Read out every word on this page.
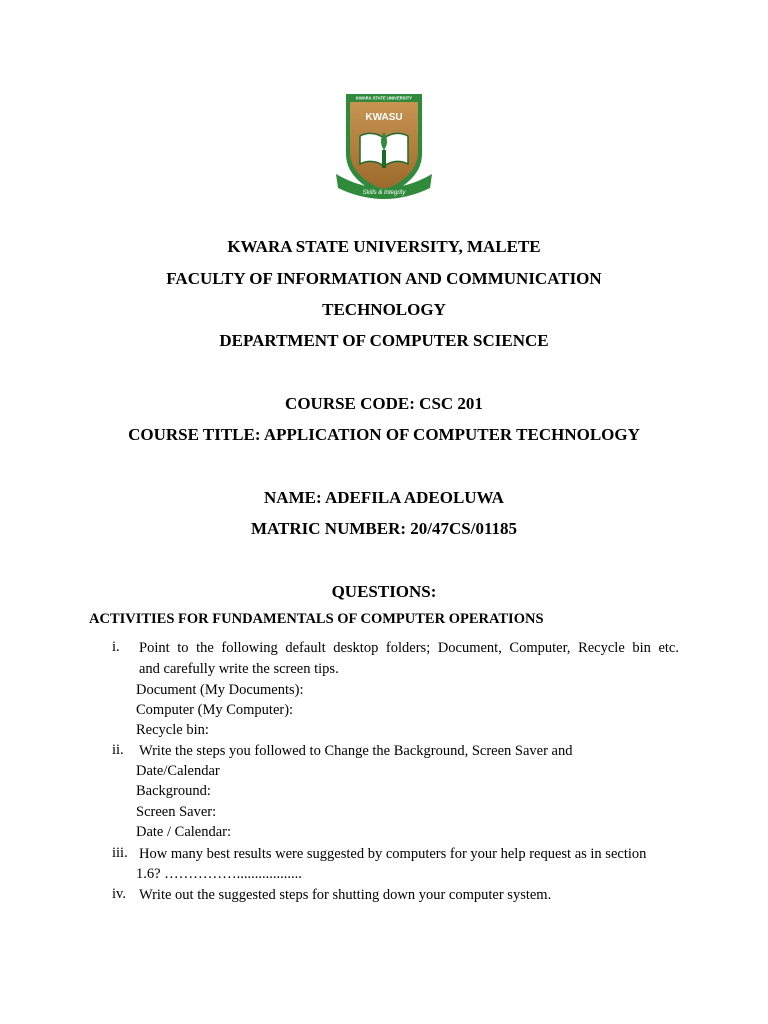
KWARA STATE UNIVERSITY
KWASU
Skills & Integrity
KWARA STATE UNIVERSITY, MALETE
FACULTY OF INFORMATION AND COMMUNICATION
TECHNOLOGY
DEPARTMENT OF COMPUTER SCIENCE
COURSE CODE: CSC 201
COURSE TITLE: APPLICATION OF COMPUTER TECHNOLOGY
NAME: ADEFILA ADEOLUWA
MATRIC NUMBER: 20/47CS/01185
QUESTIONS:
ACTIVITIES FOR FUNDAMENTALS OF COMPUTER OPERATIONS
i. Point to the following default desktop folders; Document, Computer, Recycle bin etc.
and carefully write the screen tips.
Document (My Documents):
Computer (My Computer):
Recycle bin:
ii. Write the steps you followed to Change the Background, Screen Saver and
Date/Calendar
Background:
Screen Saver:
Date / Calendar:
iii. How many best results were suggested by computers for your help request as in section
1.6? ……………..................
iv. Write out the suggested steps for shutting down your computer system.
